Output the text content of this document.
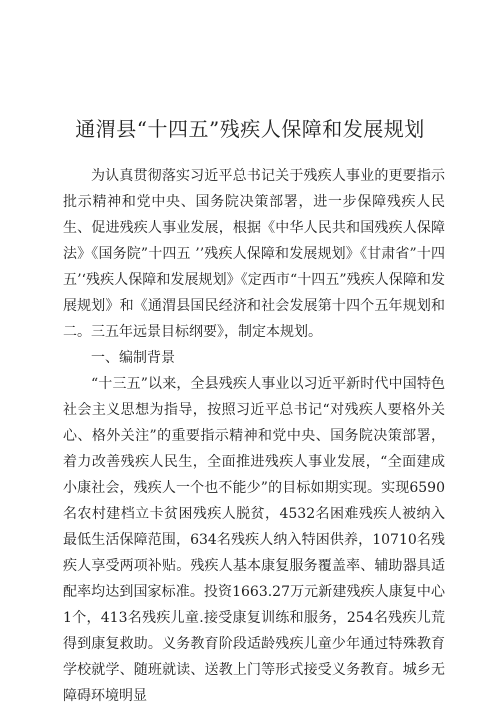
通渭县“十四五”残疾人保障和发展规划

为认真贯彻落实习近平总书记关于残疾人事业的更要指示批示精神和党中央、国务院决策部署，进一步保障残疾人民生、促进残疾人事业发展，根据《中华人民共和国残疾人保障法》《国务院”十四五 ’’残疾人保障和发展规划》《甘肃省”十四五’‘残疾人保障和发展规划》《定西市“十四五”残疾人保障和发展规划》和《通渭县国民经济和社会发展第十四个五年规划和二。三五年远景目标纲要》，制定本规划。

一、编制背景

“十三五”以来，全县残疾人事业以习近平新时代中国特色社会主义思想为指导，按照习近平总书记“对残疾人要格外关心、格外关注”的重要指示精神和党中央、国务院决策部署，着力改善残疾人民生，全面推进残疾人事业发展，“全面建成小康社会，残疾人一个也不能少”的目标如期实现。实现6590名农村建档立卡贫困残疾人脱贫，4532名困难残疾人被纳入最低生活保障范围，634名残疾人纳入特困供养，10710名残疾人享受两项补贴。残疾人基本康复服务覆盖率、辅助器具适配率均达到国家标准。投资1663.27万元新建残疾人康复中心1个，413名残疾儿童.接受康复训练和服务，254名残疾儿荒得到康复救助。义务教育阶段适龄残疾儿童少年通过特殊教育学校就学、随班就读、送教上门等形式接受义务教育。城乡无障碍环境明显
